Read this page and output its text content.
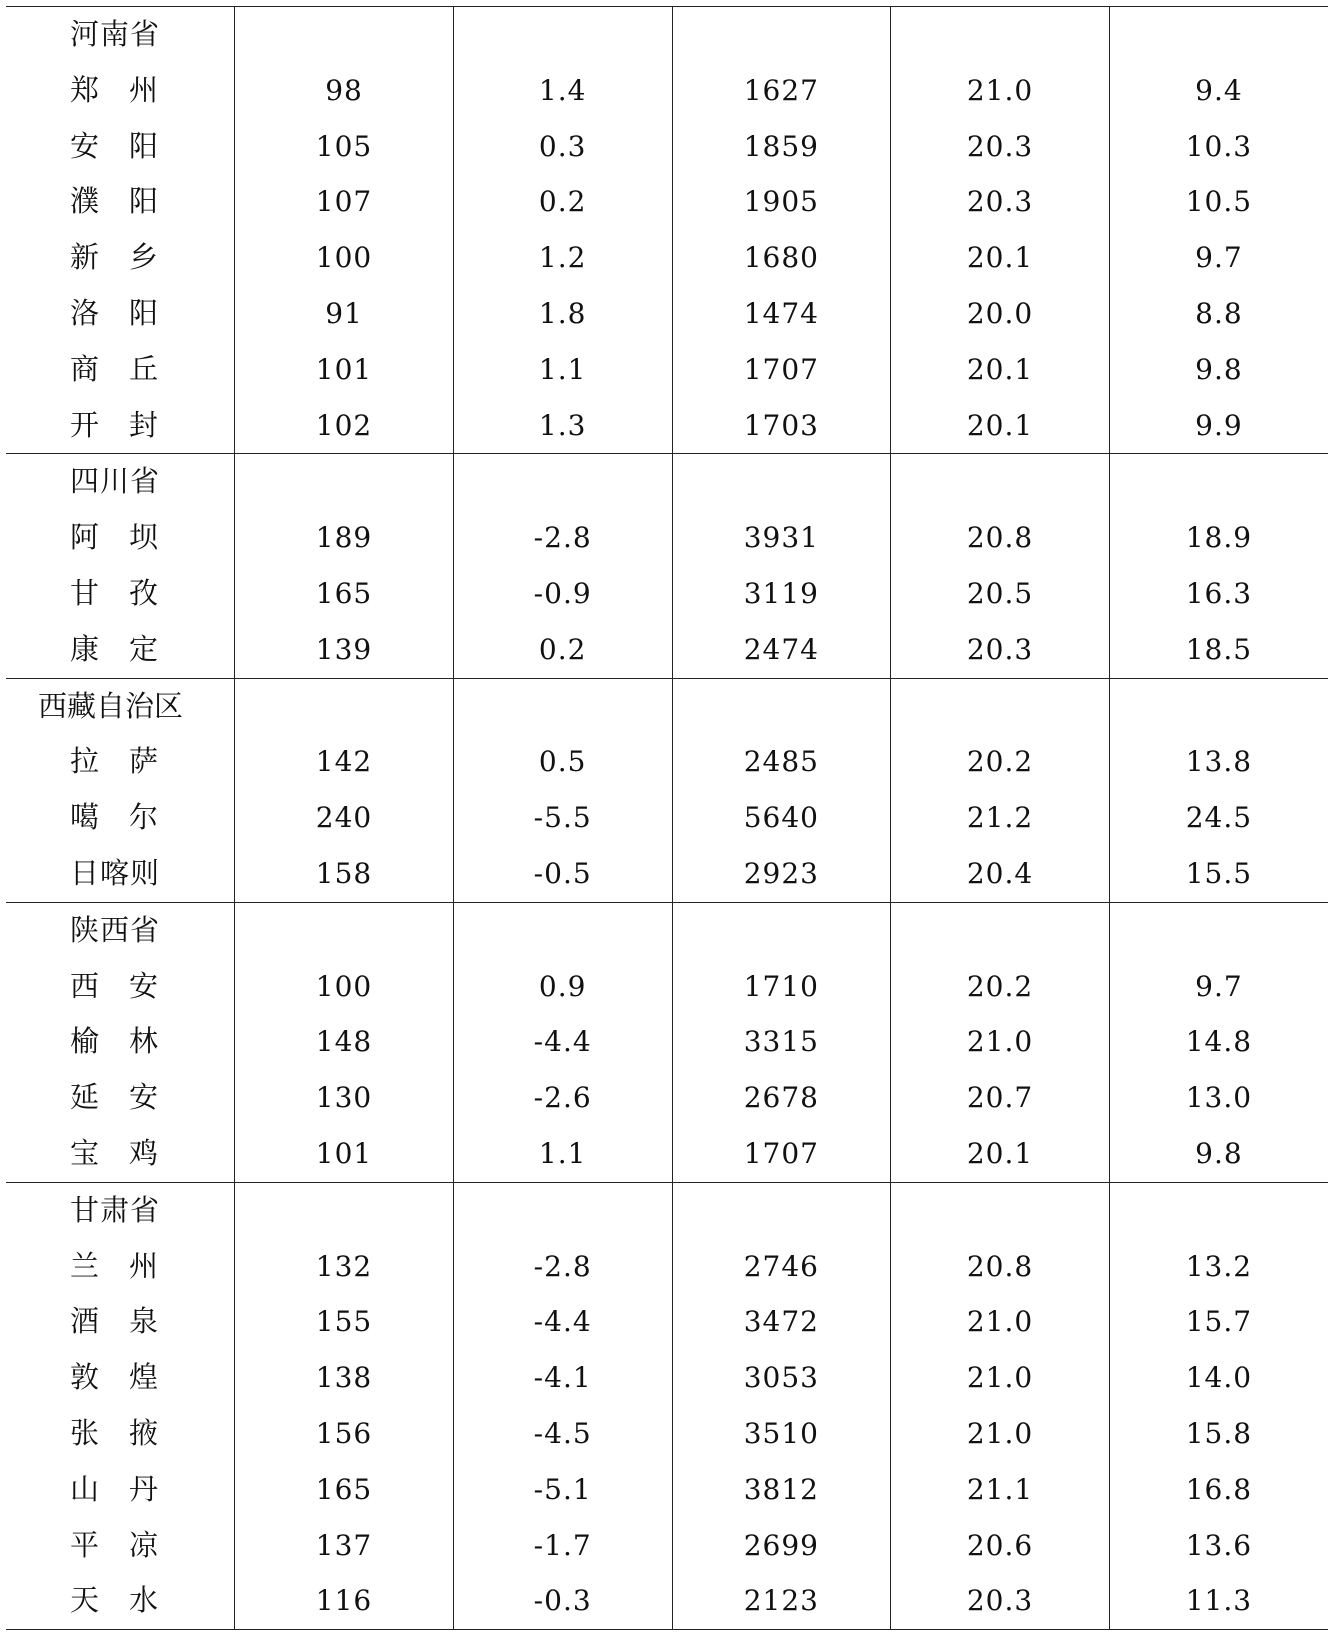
河南省					
郑 州	98	1.4	1627	21.0	9.4
安 阳	105	0.3	1859	20.3	10.3
濮 阳	107	0.2	1905	20.3	10.5
新 乡	100	1.2	1680	20.1	9.7
洛 阳	91	1.8	1474	20.0	8.8
商 丘	101	1.1	1707	20.1	9.8
开 封	102	1.3	1703	20.1	9.9
四川省					
阿 坝	189	-2.8	3931	20.8	18.9
甘 孜	165	-0.9	3119	20.5	16.3
康 定	139	0.2	2474	20.3	18.5
西藏自治区					
拉 萨	142	0.5	2485	20.2	13.8
噶 尔	240	-5.5	5640	21.2	24.5
日喀则	158	-0.5	2923	20.4	15.5
陕西省					
西 安	100	0.9	1710	20.2	9.7
榆 林	148	-4.4	3315	21.0	14.8
延 安	130	-2.6	2678	20.7	13.0
宝 鸡	101	1.1	1707	20.1	9.8
甘肃省					
兰 州	132	-2.8	2746	20.8	13.2
酒 泉	155	-4.4	3472	21.0	15.7
敦 煌	138	-4.1	3053	21.0	14.0
张 掖	156	-4.5	3510	21.0	15.8
山 丹	165	-5.1	3812	21.1	16.8
平 凉	137	-1.7	2699	20.6	13.6
天 水	116	-0.3	2123	20.3	11.3
